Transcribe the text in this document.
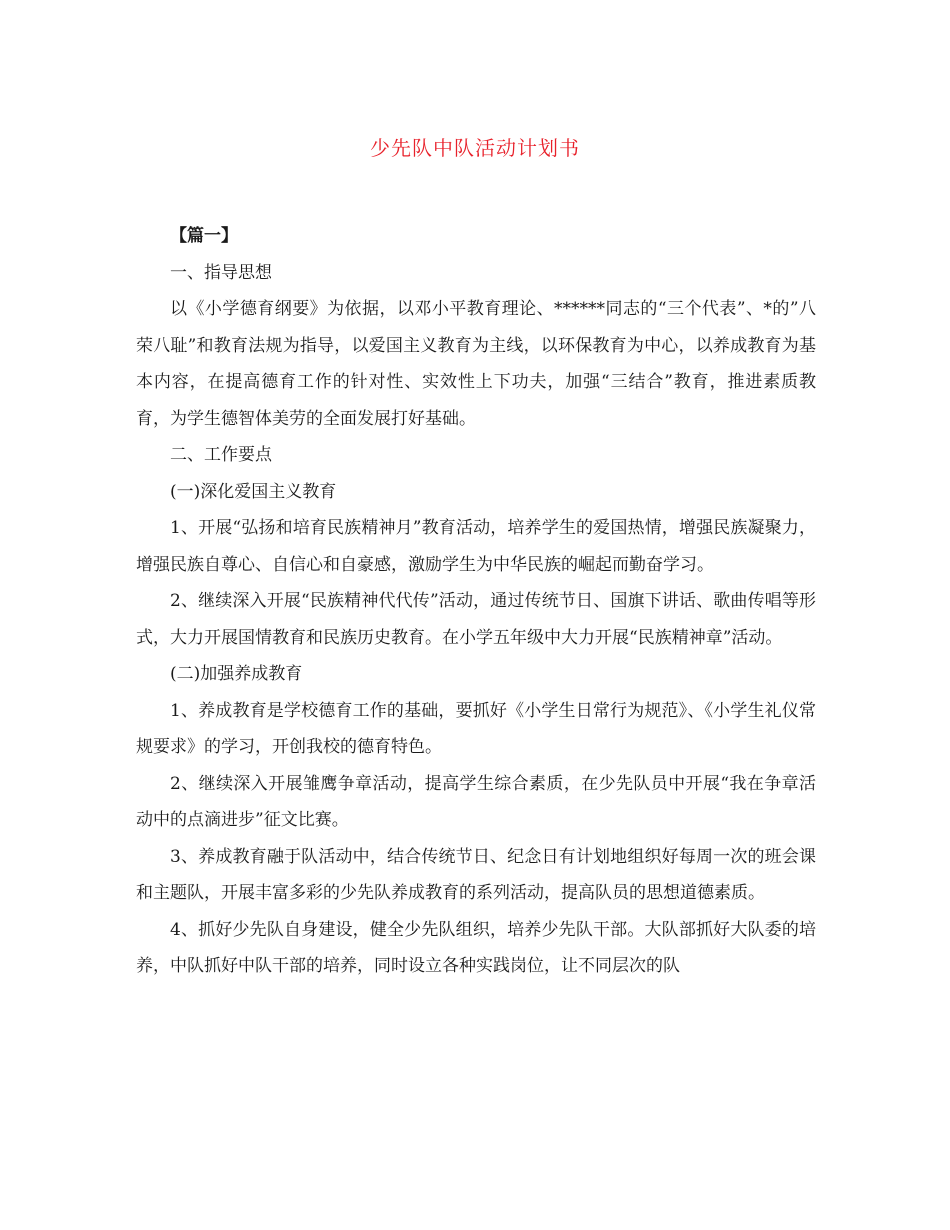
少先队中队活动计划书

【篇一】

一、指导思想

以《小学德育纲要》为依据，以邓小平教育理论、******同志的“三个代表”、*的”八荣八耻”和教育法规为指导，以爱国主义教育为主线，以环保教育为中心，以养成教育为基本内容，在提高德育工作的针对性、实效性上下功夫，加强“三结合”教育，推进素质教育，为学生德智体美劳的全面发展打好基础。

二、工作要点

(一)深化爱国主义教育

1、开展“弘扬和培育民族精神月”教育活动，培养学生的爱国热情，增强民族凝聚力，增强民族自尊心、自信心和自豪感，激励学生为中华民族的崛起而勤奋学习。

2、继续深入开展“民族精神代代传”活动，通过传统节日、国旗下讲话、歌曲传唱等形式，大力开展国情教育和民族历史教育。在小学五年级中大力开展“民族精神章”活动。

(二)加强养成教育

1、养成教育是学校德育工作的基础，要抓好《小学生日常行为规范》、《小学生礼仪常规要求》的学习，开创我校的德育特色。

2、继续深入开展雏鹰争章活动，提高学生综合素质，在少先队员中开展“我在争章活动中的点滴进步”征文比赛。

3、养成教育融于队活动中，结合传统节日、纪念日有计划地组织好每周一次的班会课和主题队，开展丰富多彩的少先队养成教育的系列活动，提高队员的思想道德素质。

4、抓好少先队自身建设，健全少先队组织，培养少先队干部。大队部抓好大队委的培养，中队抓好中队干部的培养，同时设立各种实践岗位，让不同层次的队
